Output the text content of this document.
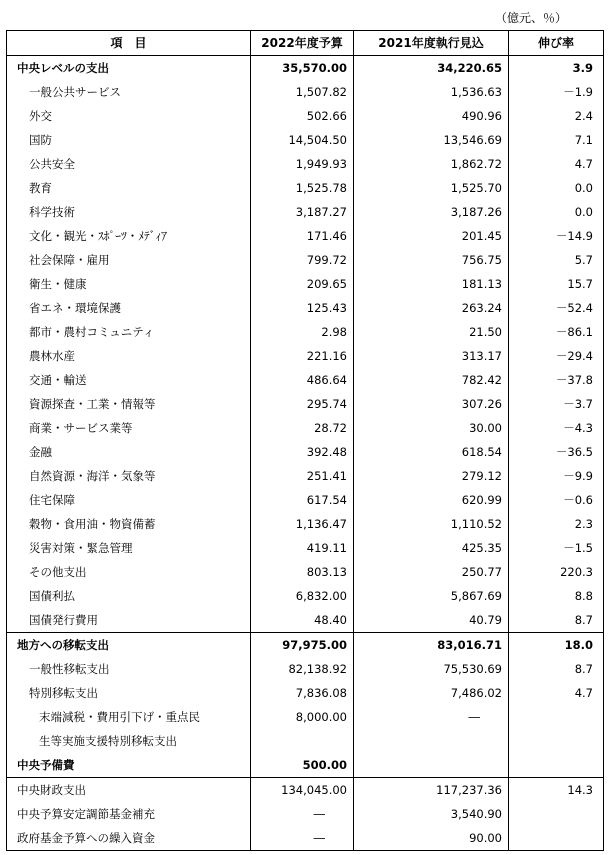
（億元、％）
項　目	2022年度予算	2021年度執行見込	伸び率
中央レベルの支出	35,570.00	34,220.65	3.9
一般公共サービス	1,507.82	1,536.63	－1.9
外交	502.66	490.96	2.4
国防	14,504.50	13,546.69	7.1
公共安全	1,949.93	1,862.72	4.7
教育	1,525.78	1,525.70	0.0
科学技術	3,187.27	3,187.26	0.0
文化・観光・ｽﾎﾟｰﾂ・ﾒﾃﾞｨｱ	171.46	201.45	－14.9
社会保障・雇用	799.72	756.75	5.7
衛生・健康	209.65	181.13	15.7
省エネ・環境保護	125.43	263.24	－52.4
都市・農村コミュニティ	2.98	21.50	－86.1
農林水産	221.16	313.17	－29.4
交通・輸送	486.64	782.42	－37.8
資源探査・工業・情報等	295.74	307.26	－3.7
商業・サービス業等	28.72	30.00	－4.3
金融	392.48	618.54	－36.5
自然資源・海洋・気象等	251.41	279.12	－9.9
住宅保障	617.54	620.99	－0.6
穀物・食用油・物資備蓄	1,136.47	1,110.52	2.3
災害対策・緊急管理	419.11	425.35	－1.5
その他支出	803.13	250.77	220.3
国債利払	6,832.00	5,867.69	8.8
国債発行費用	48.40	40.79	8.7
地方への移転支出	97,975.00	83,016.71	18.0
一般性移転支出	82,138.92	75,530.69	8.7
特別移転支出	7,836.08	7,486.02	4.7
末端減税・費用引下げ・重点民	8,000.00	―	
生等実施支援特別移転支出			
中央予備費	500.00		
中央財政支出	134,045.00	117,237.36	14.3
中央予算安定調節基金補充	―	3,540.90	
政府基金予算への繰入資金	―	90.00	
